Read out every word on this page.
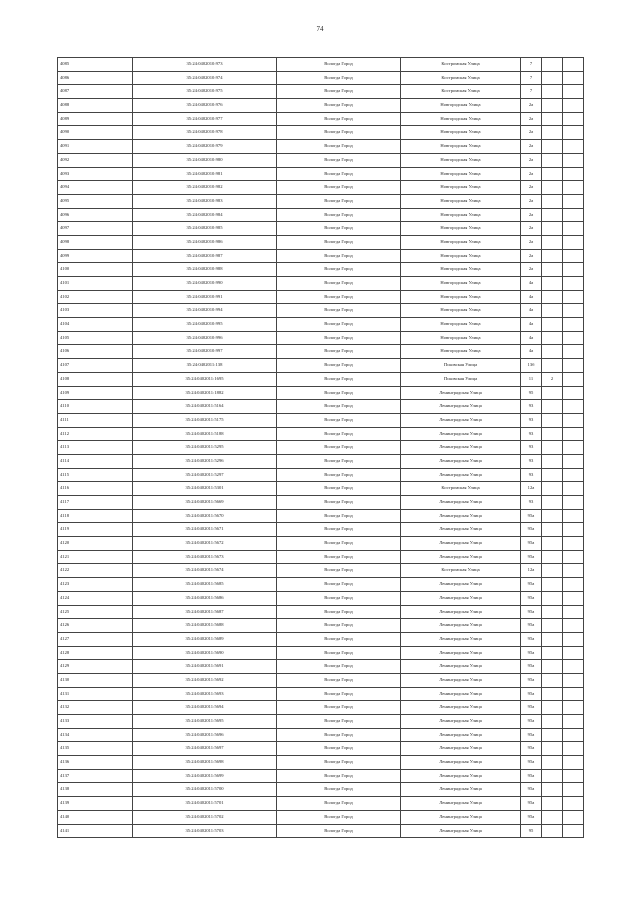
74
4085	35:24:0402010:973	Вологда Город	Костромская Улица	7		
4086	35:24:0402010:974	Вологда Город	Костромская Улица	7		
4087	35:24:0402010:975	Вологда Город	Костромская Улица	7		
4088	35:24:0402010:976	Вологда Город	Новгородская Улица	2а		
4089	35:24:0402010:977	Вологда Город	Новгородская Улица	2а		
4090	35:24:0402010:978	Вологда Город	Новгородская Улица	2а		
4091	35:24:0402010:979	Вологда Город	Новгородская Улица	2а		
4092	35:24:0402010:980	Вологда Город	Новгородская Улица	2а		
4093	35:24:0402010:981	Вологда Город	Новгородская Улица	2а		
4094	35:24:0402010:982	Вологда Город	Новгородская Улица	2а		
4095	35:24:0402010:983	Вологда Город	Новгородская Улица	2а		
4096	35:24:0402010:984	Вологда Город	Новгородская Улица	2а		
4097	35:24:0402010:985	Вологда Город	Новгородская Улица	2а		
4098	35:24:0402010:986	Вологда Город	Новгородская Улица	2а		
4099	35:24:0402010:987	Вологда Город	Новгородская Улица	2а		
4100	35:24:0402010:988	Вологда Город	Новгородская Улица	2а		
4101	35:24:0402010:990	Вологда Город	Новгородская Улица	4а		
4102	35:24:0402010:991	Вологда Город	Новгородская Улица	4а		
4103	35:24:0402010:994	Вологда Город	Новгородская Улица	4а		
4104	35:24:0402010:995	Вологда Город	Новгородская Улица	4а		
4105	35:24:0402010:996	Вологда Город	Новгородская Улица	4а		
4106	35:24:0402010:997	Вологда Город	Новгородская Улица	4а		
4107	35:24:0402011:138	Вологда Город	Псковская Улица	13б		
4108	35:24:0402011:1695	Вологда Город	Псковская Улица	11	2	
4109	35:24:0402011:1882	Вологда Город	Ленинградская Улица	95		
4110	35:24:0402011:5164	Вологда Город	Ленинградская Улица	93		
4111	35:24:0402011:5175	Вологда Город	Ленинградская Улица	93		
4112	35:24:0402011:5188	Вологда Город	Ленинградская Улица	93		
4113	35:24:0402011:5295	Вологда Город	Ленинградская Улица	93		
4114	35:24:0402011:5296	Вологда Город	Ленинградская Улица	93		
4115	35:24:0402011:5297	Вологда Город	Ленинградская Улица	93		
4116	35:24:0402011:5301	Вологда Город	Костромская Улица	12а		
4117	35:24:0402011:5669	Вологда Город	Ленинградская Улица	93		
4118	35:24:0402011:5670	Вологда Город	Ленинградская Улица	95а		
4119	35:24:0402011:5671	Вологда Город	Ленинградская Улица	95а		
4120	35:24:0402011:5672	Вологда Город	Ленинградская Улица	95а		
4121	35:24:0402011:5673	Вологда Город	Ленинградская Улица	95а		
4122	35:24:0402011:5674	Вологда Город	Костромская Улица	12а		
4123	35:24:0402011:5685	Вологда Город	Ленинградская Улица	95а		
4124	35:24:0402011:5686	Вологда Город	Ленинградская Улица	95а		
4125	35:24:0402011:5687	Вологда Город	Ленинградская Улица	95а		
4126	35:24:0402011:5688	Вологда Город	Ленинградская Улица	95а		
4127	35:24:0402011:5689	Вологда Город	Ленинградская Улица	95а		
4128	35:24:0402011:5690	Вологда Город	Ленинградская Улица	95а		
4129	35:24:0402011:5691	Вологда Город	Ленинградская Улица	95а		
4130	35:24:0402011:5692	Вологда Город	Ленинградская Улица	95а		
4131	35:24:0402011:5693	Вологда Город	Ленинградская Улица	95а		
4132	35:24:0402011:5694	Вологда Город	Ленинградская Улица	95а		
4133	35:24:0402011:5695	Вологда Город	Ленинградская Улица	95а		
4134	35:24:0402011:5696	Вологда Город	Ленинградская Улица	95а		
4135	35:24:0402011:5697	Вологда Город	Ленинградская Улица	95а		
4136	35:24:0402011:5698	Вологда Город	Ленинградская Улица	95а		
4137	35:24:0402011:5699	Вологда Город	Ленинградская Улица	95а		
4138	35:24:0402011:5700	Вологда Город	Ленинградская Улица	95а		
4139	35:24:0402011:5701	Вологда Город	Ленинградская Улица	95а		
4140	35:24:0402011:5702	Вологда Город	Ленинградская Улица	95а		
4141	35:24:0402011:5703	Вологда Город	Ленинградская Улица	95		
